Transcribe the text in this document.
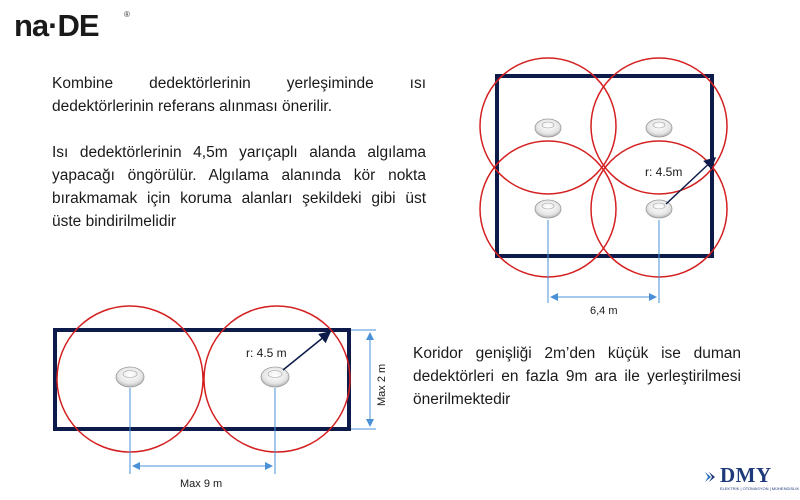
na·DE	®

Kombine dedektörlerinin yerleşiminde ısı dedektörlerinin referans alınması önerilir.

Isı dedektörlerinin 4,5m yarıçaplı alanda algılama yapacağı öngörülür. Algılama alanında kör nokta bırakmamak için koruma alanları şekildeki gibi üst üste bindirilmelidir

Koridor genişliği 2m’den küçük ise duman dedektörleri en fazla 9m ara ile yerleştirilmesi önerilmektedir

r: 4.5m
6,4 m
r: 4.5 m
Max 9 m
Max 2 m
DMY
ELEKTRİK | OTOMASYON | MÜHENDİSLİK
